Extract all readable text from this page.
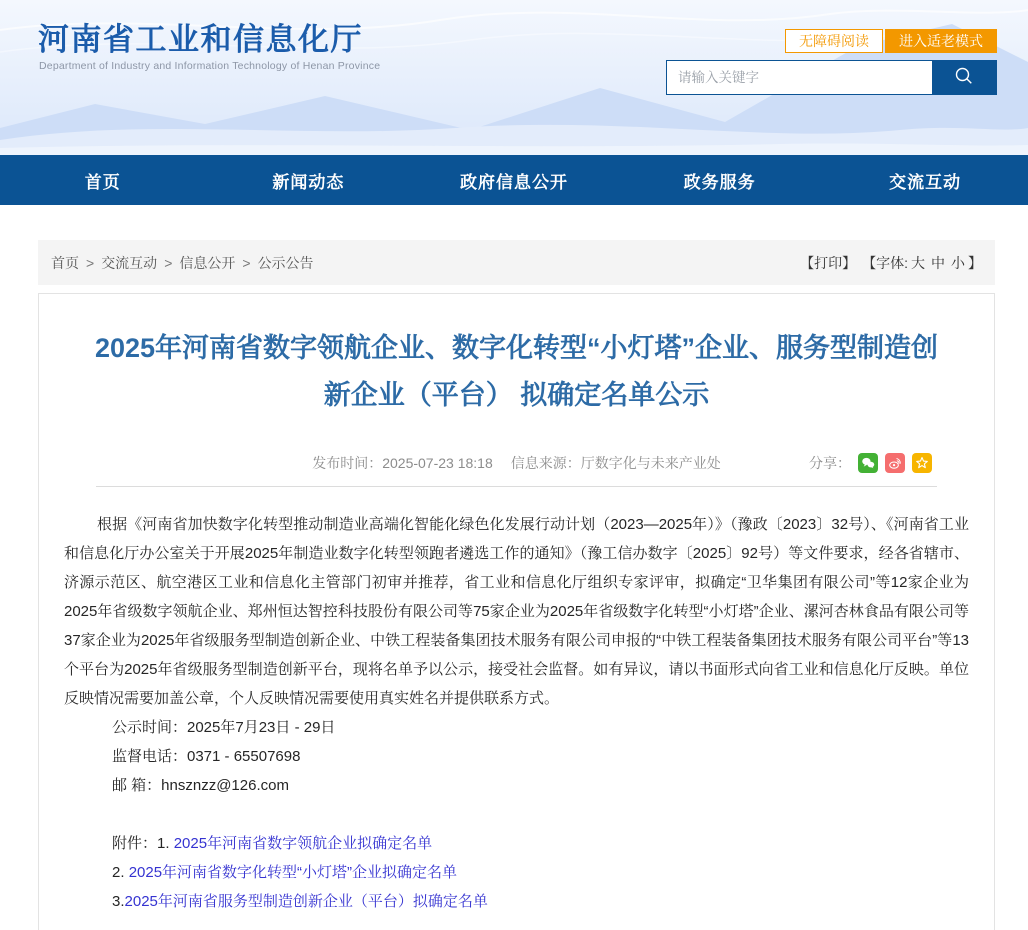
河南省工业和信息化厅

Department of Industry and Information Technology of Henan Province

无障碍阅读	进入适老模式
请输入关键字
首页	新闻动态	政府信息公开	政务服务	交流互动
首页 > 交流互动 > 信息公开 > 公示公告	【打印】 【字体: 大 中 小 】
2025年河南省数字领航企业、数字化转型“小灯塔”企业、服务型制造创新企业（平台） 拟确定名单公示
发布时间：2025-07-23 18:18 信息来源：厅数字化与未来产业处	分享：

根据《河南省加快数字化转型推动制造业高端化智能化绿色化发展行动计划（2023—2025年）》（豫政〔2023〕32号）、《河南省工业和信息化厅办公室关于开展2025年制造业数字化转型领跑者遴选工作的通知》（豫工信办数字〔2025〕92号）等文件要求，经各省辖市、济源示范区、航空港区工业和信息化主管部门初审并推荐，省工业和信息化厅组织专家评审，拟确定“卫华集团有限公司”等12家企业为2025年省级数字领航企业、郑州恒达智控科技股份有限公司等75家企业为2025年省级数字化转型“小灯塔”企业、漯河杏林食品有限公司等37家企业为2025年省级服务型制造创新企业、中铁工程装备集团技术服务有限公司申报的“中铁工程装备集团技术服务有限公司平台”等13个平台为2025年省级服务型制造创新平台，现将名单予以公示，接受社会监督。如有异议，请以书面形式向省工业和信息化厅反映。单位反映情况需要加盖公章，个人反映情况需要使用真实姓名并提供联系方式。

公示时间：2025年7月23日 - 29日

监督电话：0371 - 65507698

邮 箱：hnsznzz@126.com

附件：1. 2025年河南省数字领航企业拟确定名单

2. 2025年河南省数字化转型“小灯塔”企业拟确定名单

3.2025年河南省服务型制造创新企业（平台）拟确定名单
